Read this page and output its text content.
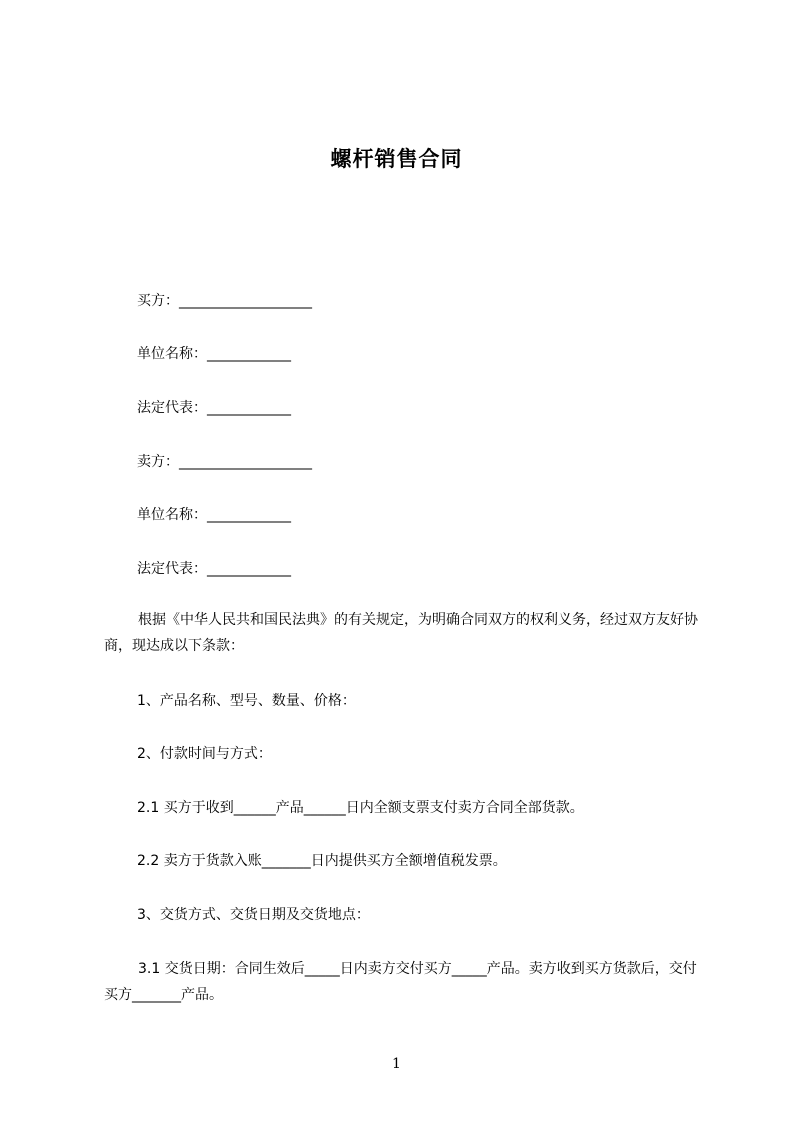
螺杆销售合同
买方：___________________
单位名称：____________
法定代表：____________
卖方：___________________
单位名称：____________
法定代表：____________
根据《中华人民共和国民法典》的有关规定，为明确合同双方的权利义务，经过双方友好协商，现达成以下条款：
1、产品名称、型号、数量、价格：
2、付款时间与方式：
2.1 买方于收到______产品______日内全额支票支付卖方合同全部货款。
2.2 卖方于货款入账_______日内提供买方全额增值税发票。
3、交货方式、交货日期及交货地点：
3.1 交货日期：合同生效后_____日内卖方交付买方_____产品。卖方收到买方货款后，交付买方_______产品。
1
